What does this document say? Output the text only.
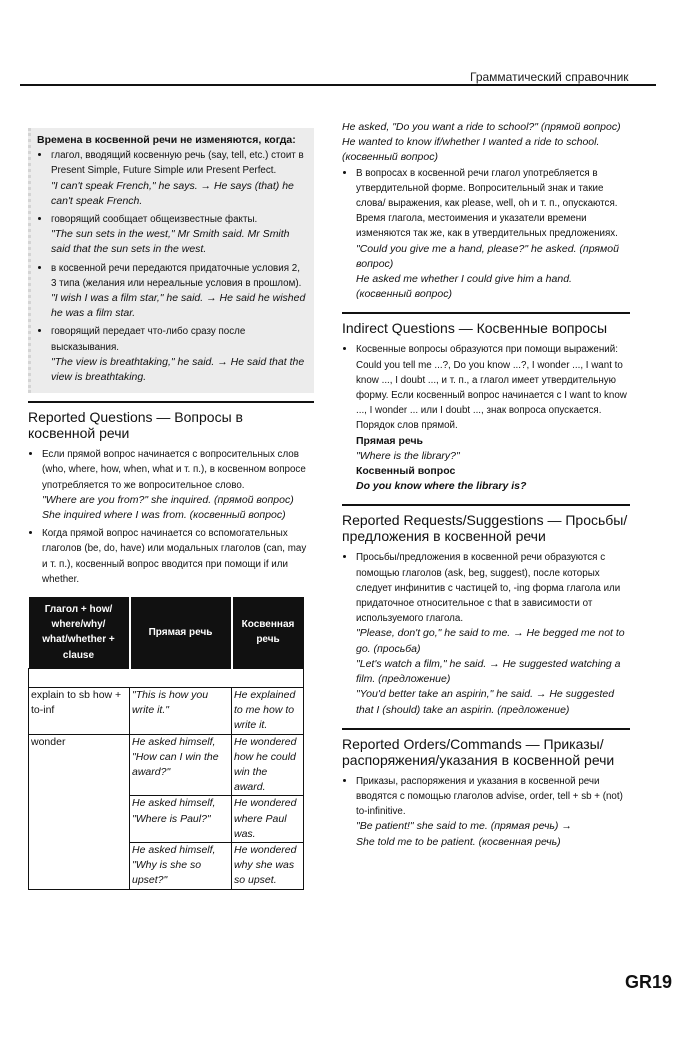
Грамматический справочник
Времена в косвенной речи не изменяются, когда:
• глагол, вводящий косвенную речь (say, tell, etc.) стоит в Present Simple, Future Simple или Present Perfect.
"I can't speak French," he says. → He says (that) he can't speak French.
• говорящий сообщает общеизвестные факты.
"The sun sets in the west," Mr Smith said. Mr Smith said that the sun sets in the west.
• в косвенной речи передаются придаточные условия 2, 3 типа (желания или нереальные условия в прошлом).
"I wish I was a film star," he said. → He said he wished he was a film star.
• говорящий передает что-либо сразу после высказывания.
"The view is breathtaking," he said. → He said that the view is breathtaking.
Reported Questions — Вопросы в косвенной речи
• Если прямой вопрос начинается с вопросительных слов (who, where, how, when, what и т. п.), в косвенном вопросе употребляется то же вопросительное слово.
"Where are you from?" she inquired. (прямой вопрос)
She inquired where I was from. (косвенный вопрос)
• Когда прямой вопрос начинается со вспомогательных глаголов (be, do, have) или модальных глаголов (can, may и т. п.), косвенный вопрос вводится при помощи if или whether.
Глагол + how/ where/why/ what/whether + clause	Прямая речь	Косвенная речь

explain to sb how + to-inf	"This is how you write it."	He explained to me how to write it.
wonder	He asked himself, "How can I win the award?"	He wondered how he could win the award.
	He asked himself, "Where is Paul?"	He wondered where Paul was.
	He asked himself, "Why is she so upset?"	He wondered why she was so upset.
He asked, "Do you want a ride to school?" (прямой вопрос)
He wanted to know if/whether I wanted a ride to school. (косвенный вопрос)
• В вопросах в косвенной речи глагол употребляется в утвердительной форме. Вопросительный знак и такие слова/ выражения, как please, well, oh и т. п., опускаются. Время глагола, местоимения и указатели времени изменяются так же, как в утвердительных предложениях.
"Could you give me a hand, please?" he asked. (прямой вопрос)
He asked me whether I could give him a hand. (косвенный вопрос)
Indirect Questions — Косвенные вопросы
• Косвенные вопросы образуются при помощи выражений: Could you tell me ...?, Do you know ...?, I wonder ..., I want to know ..., I doubt ..., и т. п., а глагол имеет утвердительную форму. Если косвенный вопрос начинается с I want to know ..., I wonder ... или I doubt ..., знак вопроса опускается. Порядок слов прямой.
Прямая речь
"Where is the library?"
Косвенный вопрос
Do you know where the library is?
Reported Requests/Suggestions — Просьбы/предложения в косвенной речи
• Просьбы/предложения в косвенной речи образуются с помощью глаголов (ask, beg, suggest), после которых следует инфинитив с частицей to, -ing форма глагола или придаточное относительное с that в зависимости от используемого глагола.
"Please, don't go," he said to me. → He begged me not to go. (просьба)
"Let's watch a film," he said. → He suggested watching a film. (предложение)
"You'd better take an aspirin," he said. → He suggested that I (should) take an aspirin. (предложение)
Reported Orders/Commands — Приказы/распоряжения/указания в косвенной речи
• Приказы, распоряжения и указания в косвенной речи вводятся с помощью глаголов advise, order, tell + sb + (not) to-infinitive.
"Be patient!" she said to me. (прямая речь) →
She told me to be patient. (косвенная речь)
GR19
